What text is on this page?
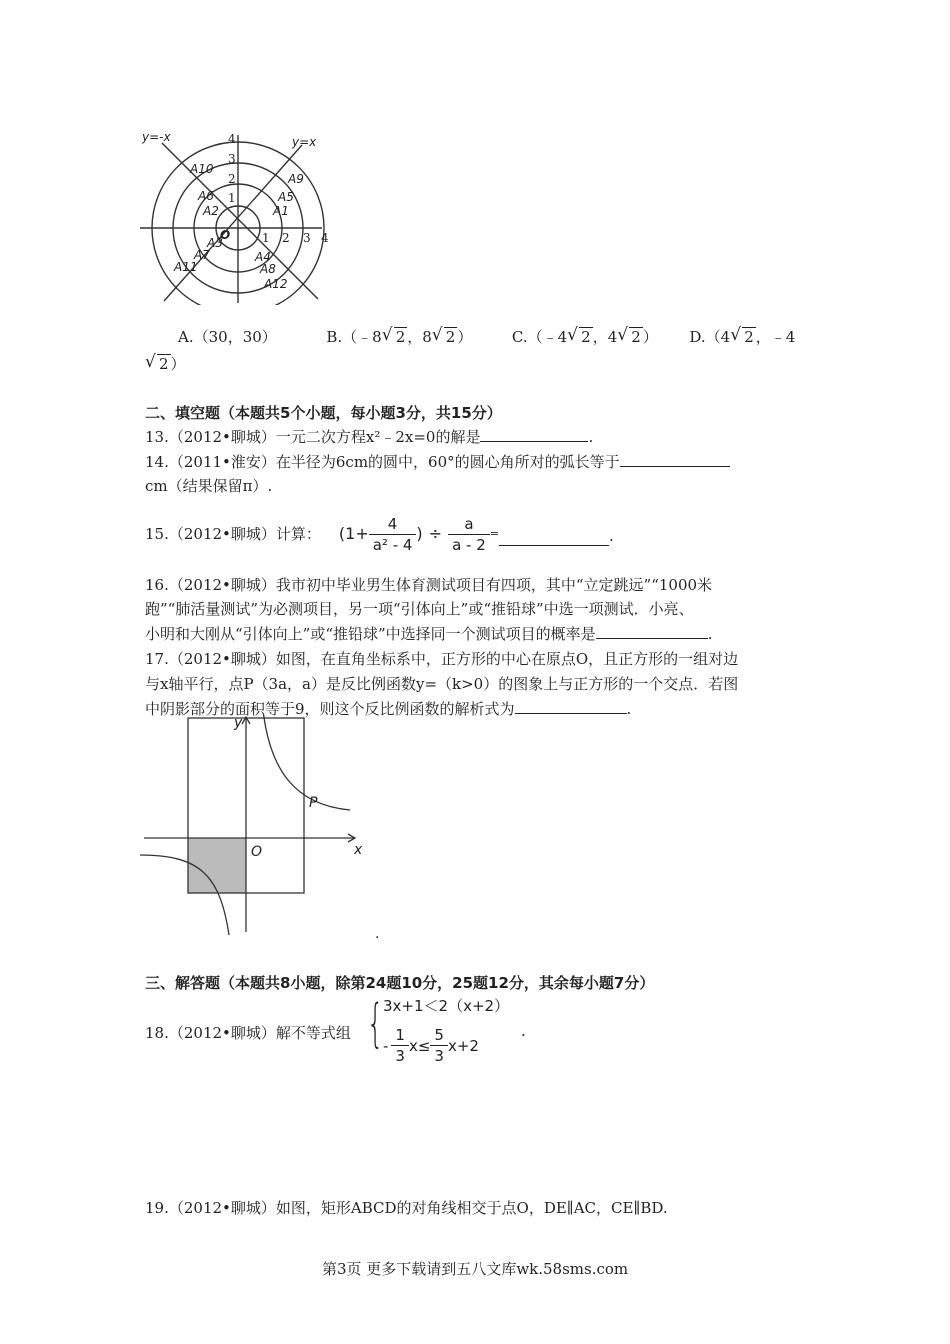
y=-x	y=x
O
4
3
2
1
1 2 3 4
A1
A2
A3
A4
A5
A6
A7
A8
A9
A10
A11
A12
A.（30，30）	B.（﹣8 √ 2 ，8 √ 2 ）	C.（﹣4 √ 2 ，4 √ 2 ） D.（4 √ 2 ，﹣4
√ 2 ）
二、填空题（本题共5个小题，每小题3分，共15分）
13.（2012•聊城）一元二次方程x²﹣2x=0的解是	.
14.（2011•淮安）在半径为6cm的圆中，60°的圆心角所对的弧长等于
cm（结果保留π）.
15.（2012•聊城）计算： ($1+ \frac{4}{\text{a² - 4}}$ ) ÷ $\frac{a}{a - 2}$ =	.
16.（2012•聊城）我市初中毕业男生体育测试项目有四项，其中“立定跳远”“1000米
跑”“肺活量测试”为必测项目，另一项“引体向上”或“推铅球”中选一项测试．小亮、
小明和大刚从“引体向上”或“推铅球”中选择同一个测试项目的概率是	.
17.（2012•聊城）如图，在直角坐标系中，正方形的中心在原点O，且正方形的一组对边
与x轴平行，点P（3a，a）是反比例函数y=（k>0）的图象上与正方形的一个交点．若图
中阴影部分的面积等于9，则这个反比例函数的解析式为	.
y
x
O
P
.
三、解答题（本题共8小题，除第24题10分，25题12分，其余每小题7分）
18.（2012•聊城）解不等式组 { 3x+1＜2（x+2）
- $\frac{1}{3} x\le \frac{5}{3} x+2$
.
19.（2012•聊城）如图，矩形ABCD的对角线相交于点O，DE∥AC，CE∥BD.
第3页 更多下载请到五八文库wk.58sms.com
